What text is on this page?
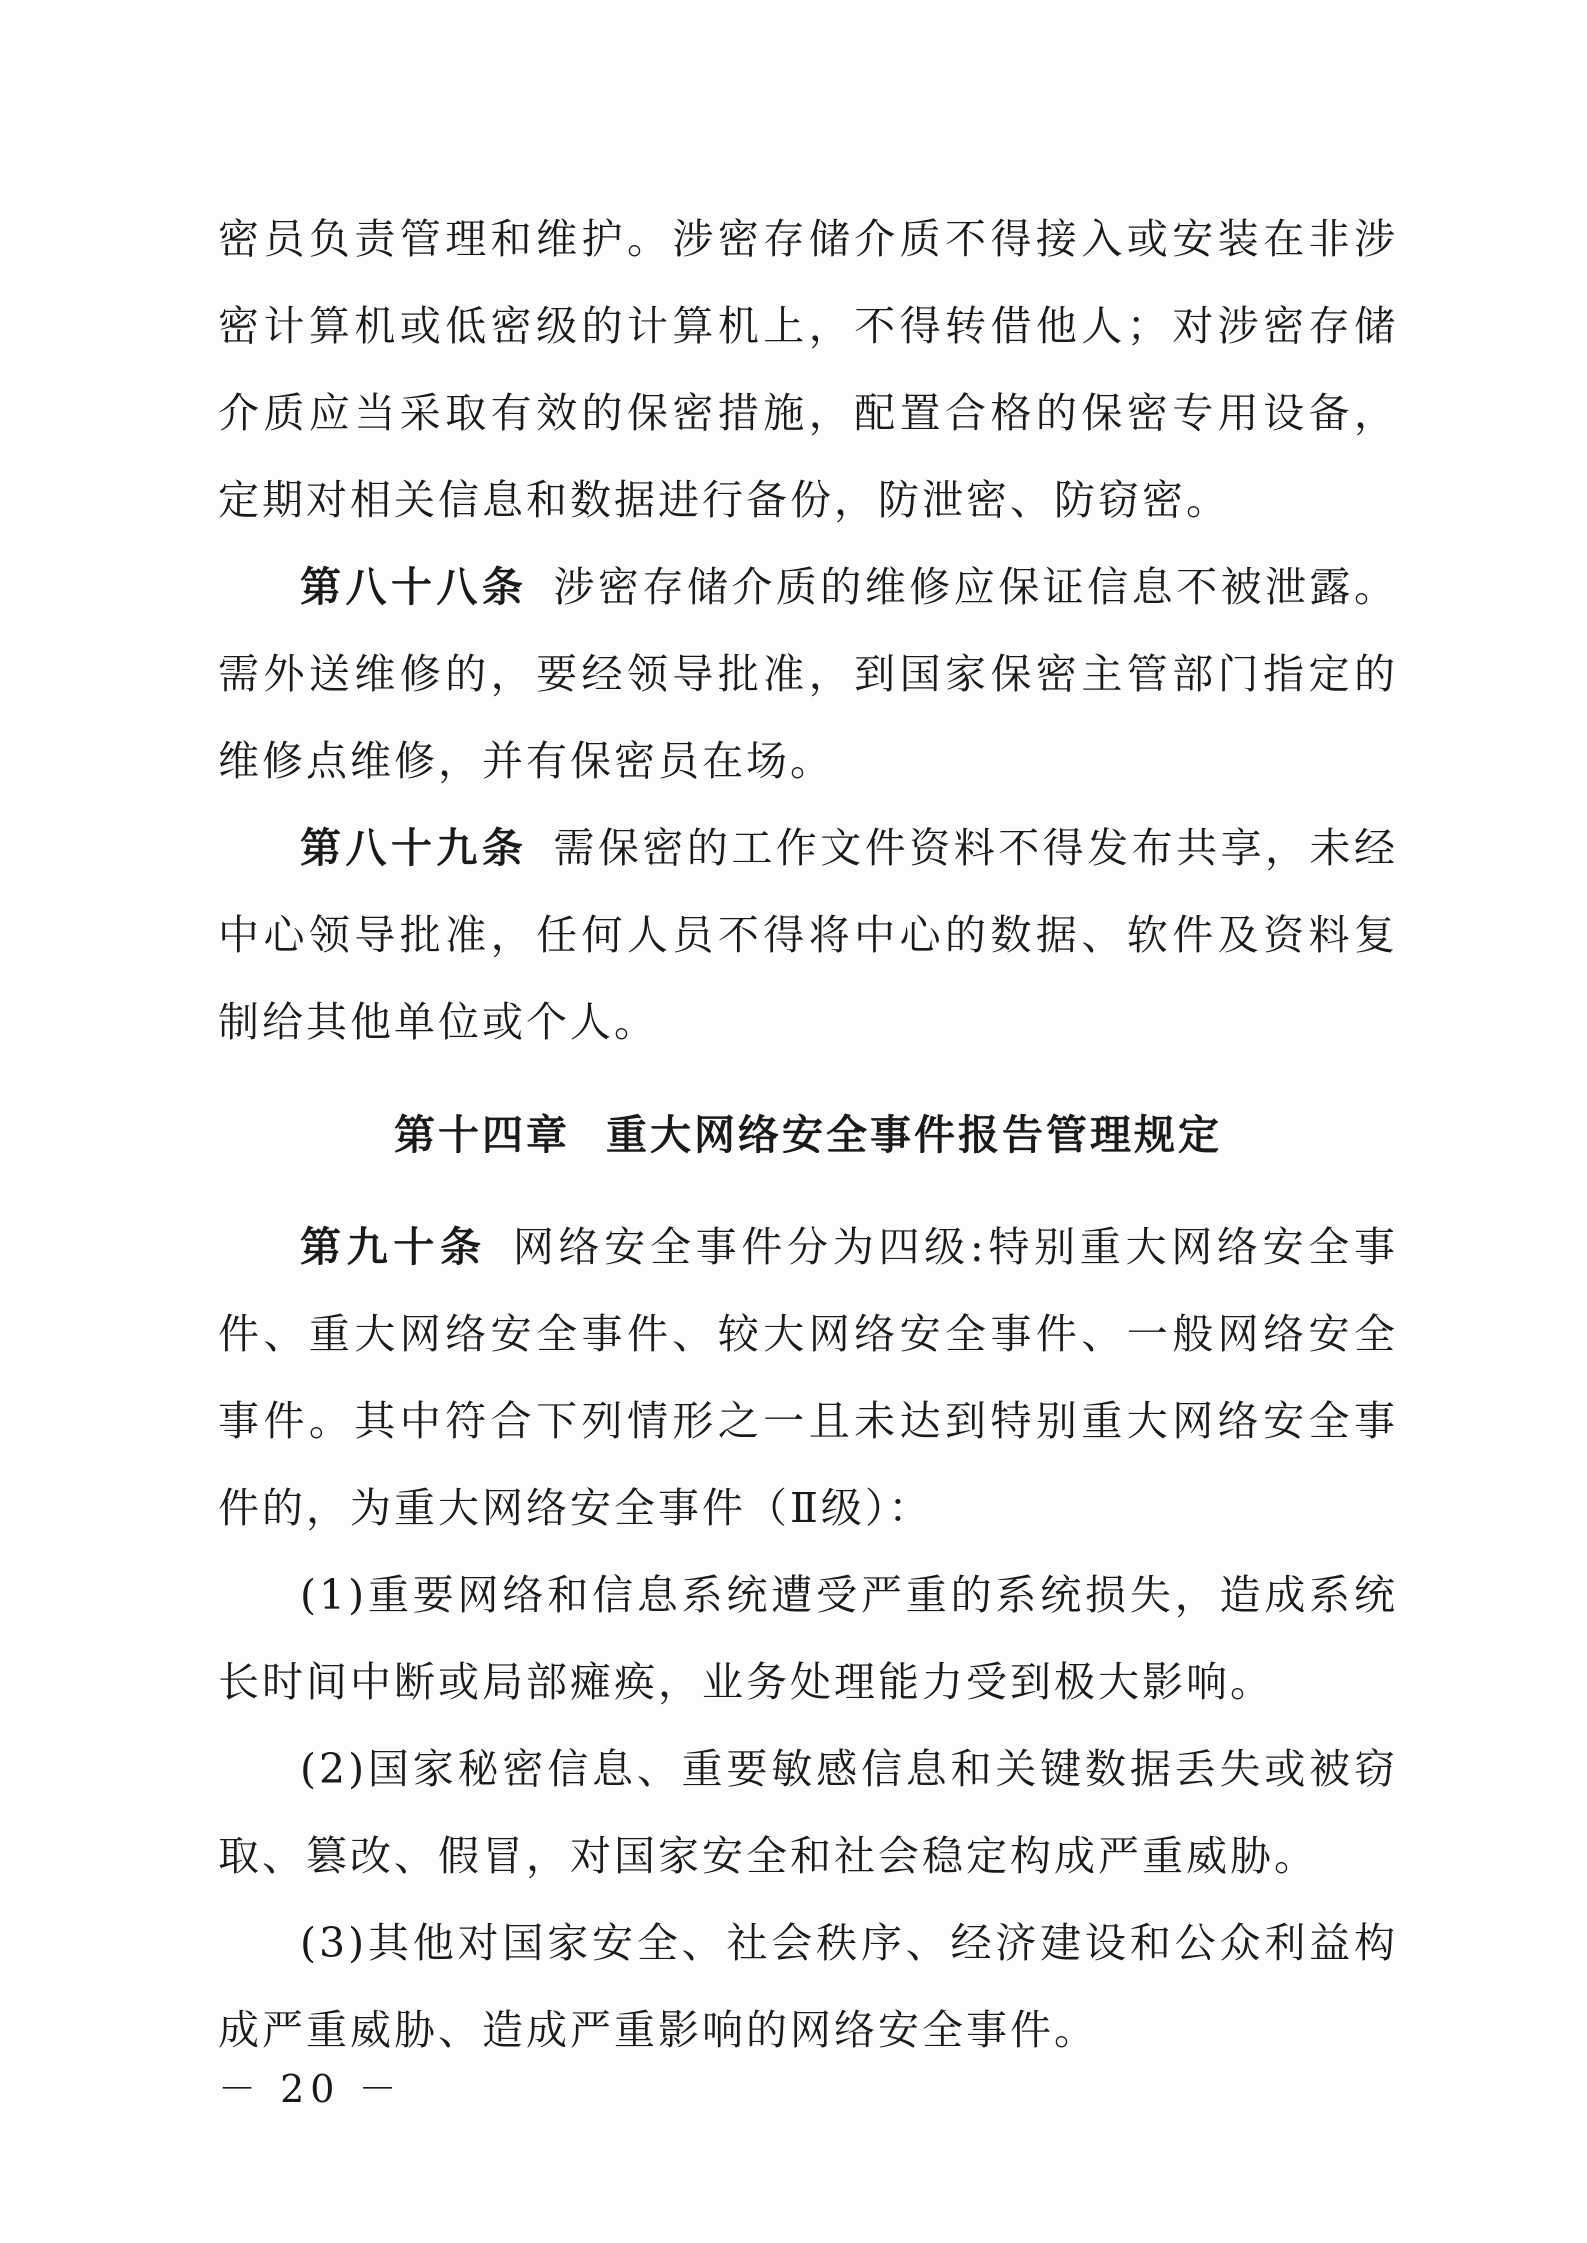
密员负责管理和维护。涉密存储介质不得接入或安装在非涉密计算机或低密级的计算机上，不得转借他人；对涉密存储介质应当采取有效的保密措施，配置合格的保密专用设备，定期对相关信息和数据进行备份，防泄密、防窃密。

第八十八条 涉密存储介质的维修应保证信息不被泄露。需外送维修的，要经领导批准，到国家保密主管部门指定的维修点维修，并有保密员在场。

第八十九条 需保密的工作文件资料不得发布共享，未经中心领导批准，任何人员不得将中心的数据、软件及资料复制给其他单位或个人。

第十四章 重大网络安全事件报告管理规定

第九十条 网络安全事件分为四级:特别重大网络安全事件、重大网络安全事件、较大网络安全事件、一般网络安全事件。其中符合下列情形之一且未达到特别重大网络安全事件的，为重大网络安全事件（Ⅱ级）：

(1)重要网络和信息系统遭受严重的系统损失，造成系统长时间中断或局部瘫痪，业务处理能力受到极大影响。

(2)国家秘密信息、重要敏感信息和关键数据丢失或被窃取、篡改、假冒，对国家安全和社会稳定构成严重威胁。

(3)其他对国家安全、社会秩序、经济建设和公众利益构成严重威胁、造成严重影响的网络安全事件。

－ 20 －
